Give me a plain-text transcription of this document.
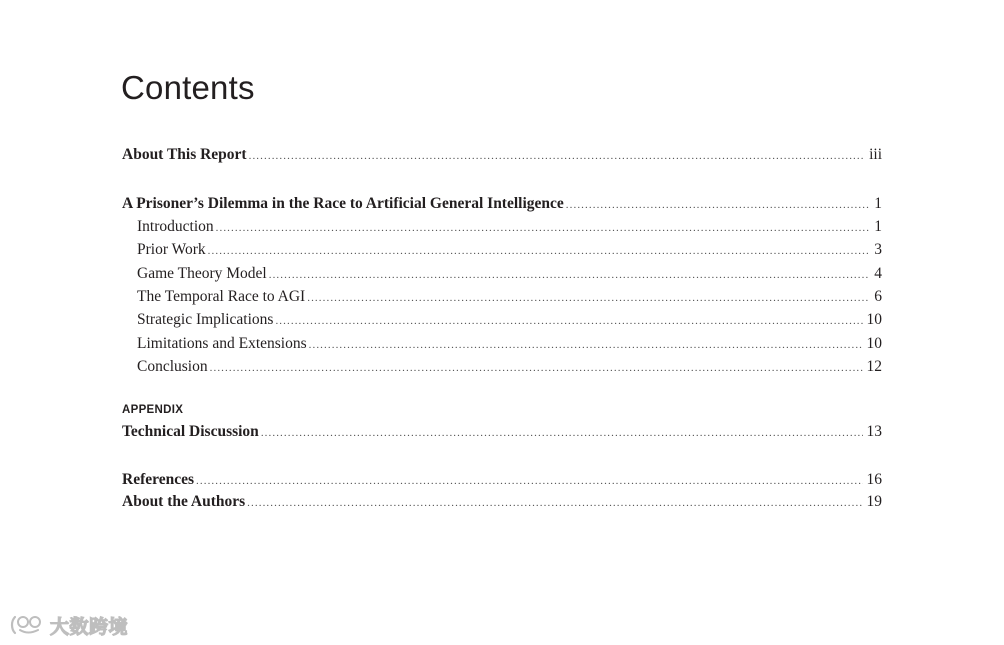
Contents
About This Report .....	iii
A Prisoner’s Dilemma in the Race to Artificial General Intelligence .....	1
Introduction .....	1
Prior Work .....	3
Game Theory Model .....	4
The Temporal Race to AGI .....	6
Strategic Implications .....	10
Limitations and Extensions .....	10
Conclusion .....	12
APPENDIX
Technical Discussion .....	13
References .....	16
About the Authors .....	19
大数跨境
